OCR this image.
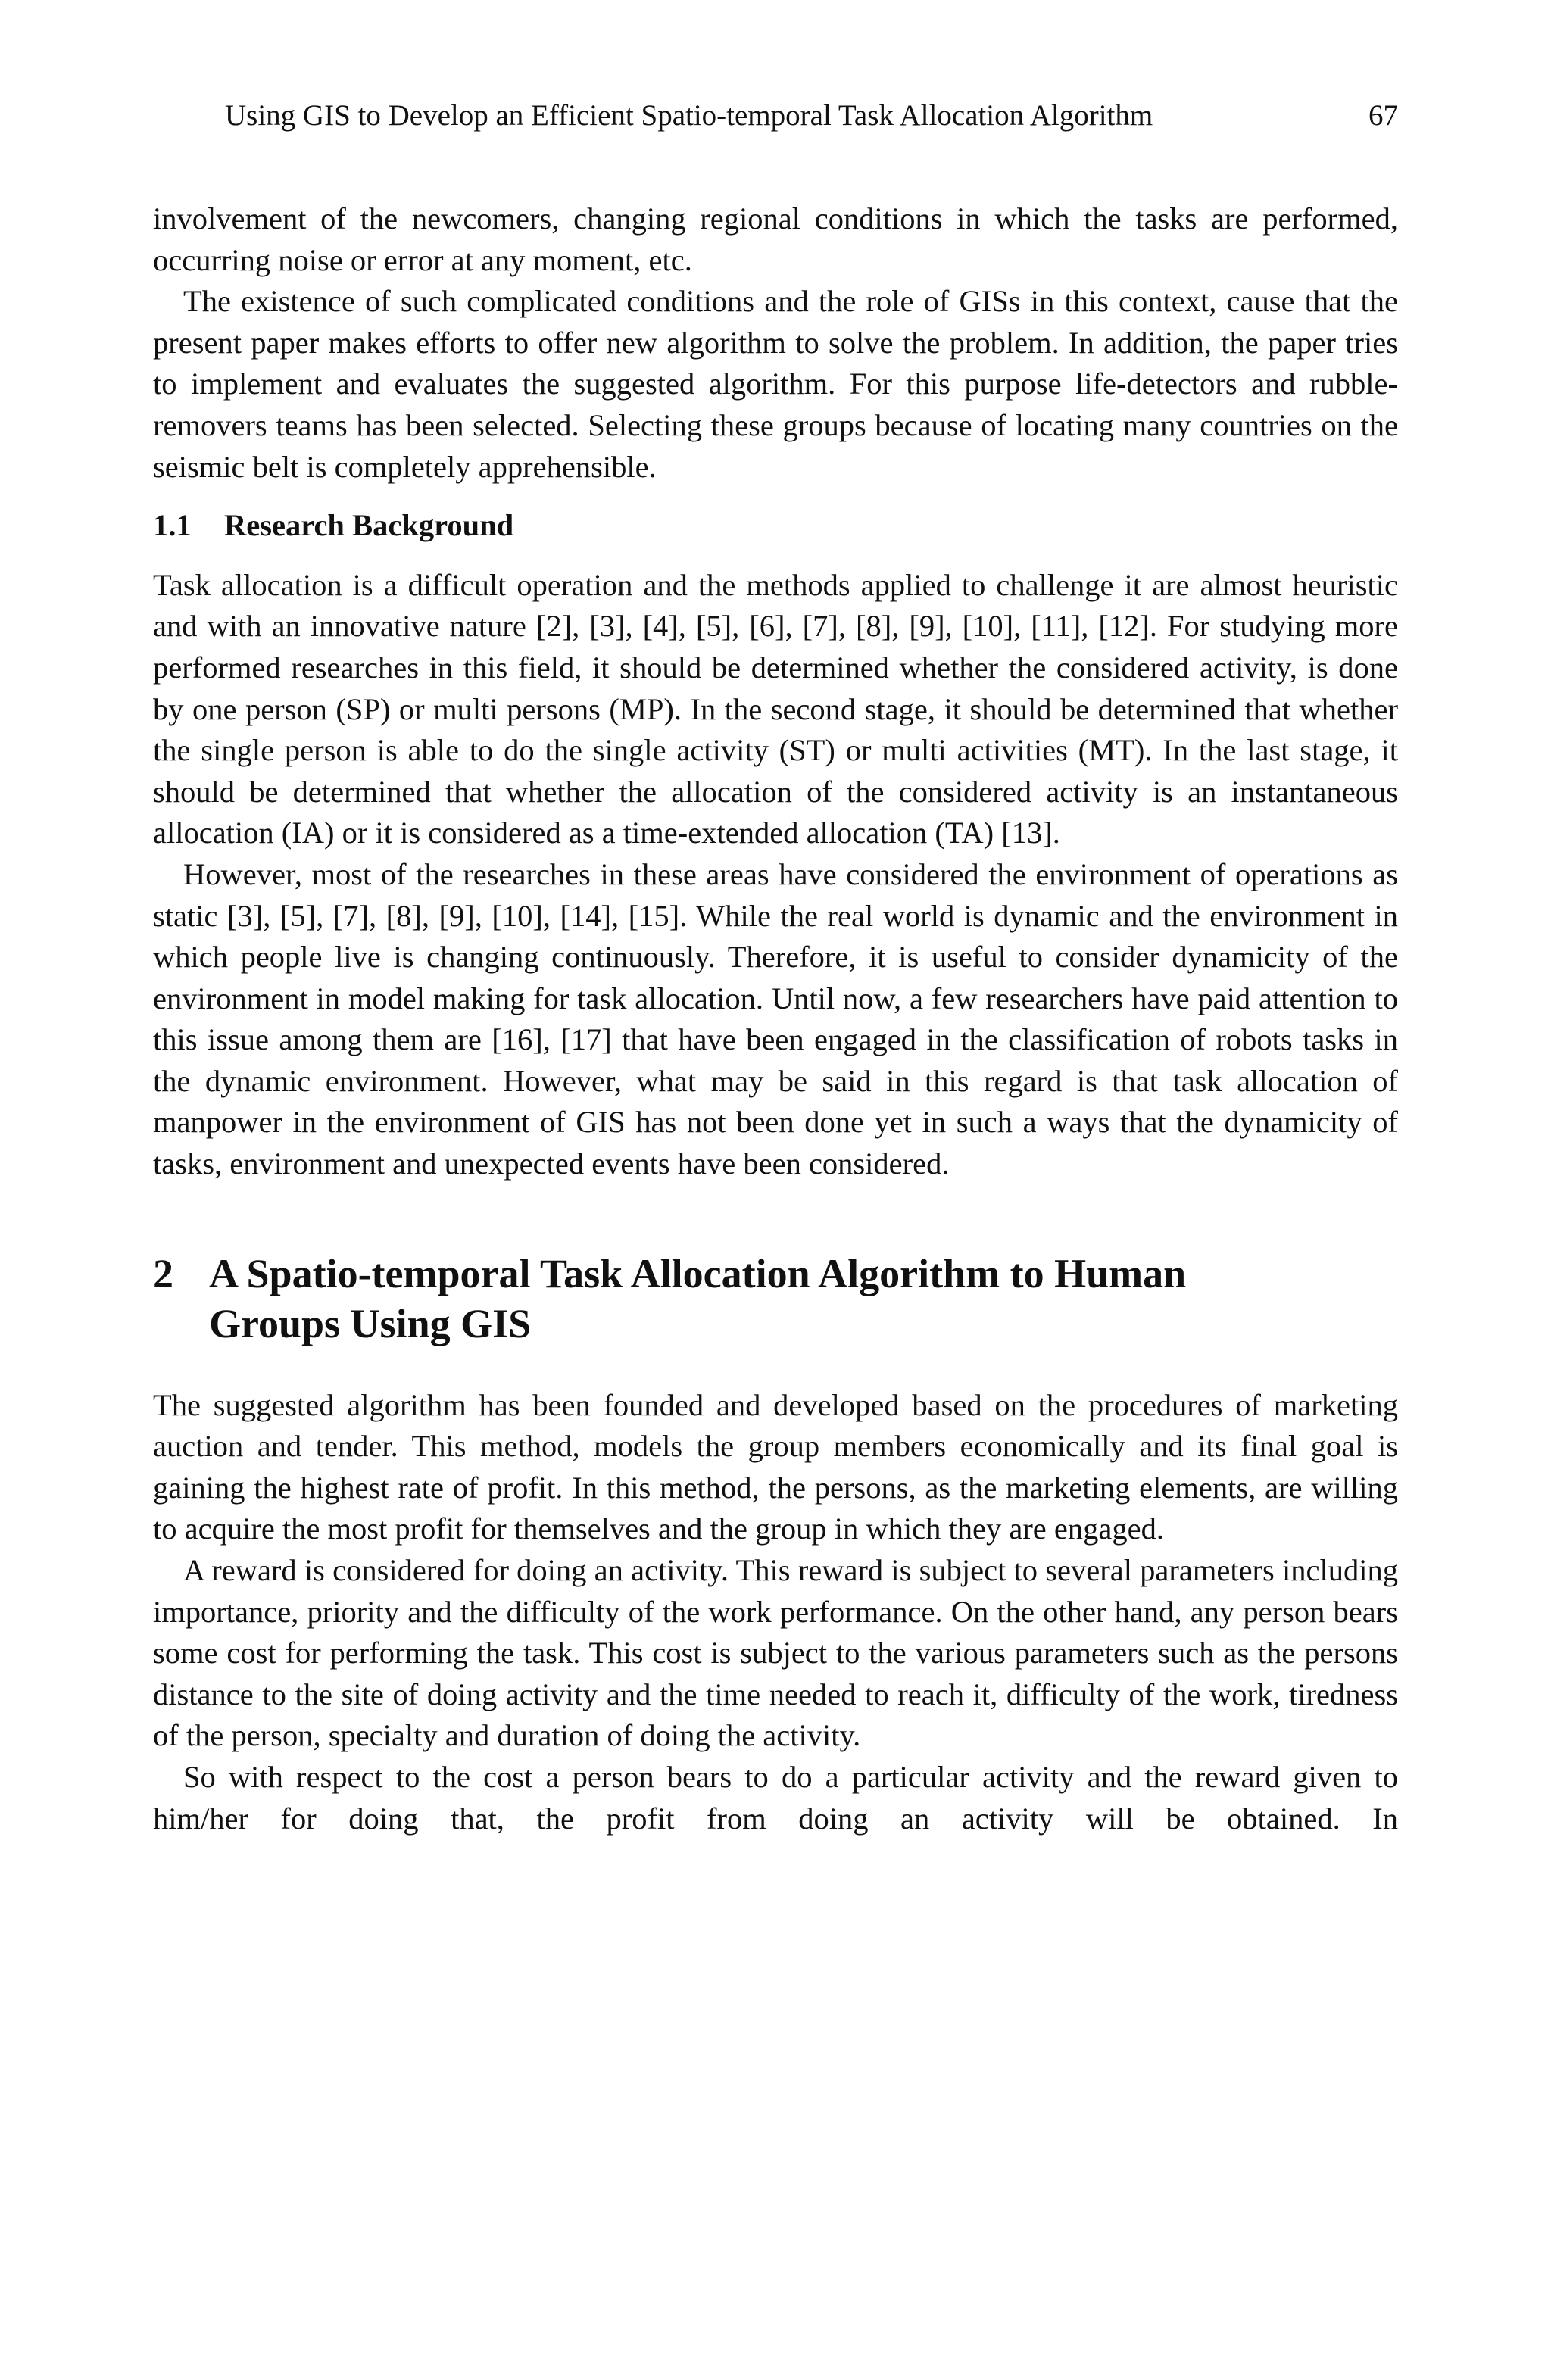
Using GIS to Develop an Efficient Spatio-temporal Task Allocation Algorithm	67

involvement of the newcomers, changing regional conditions in which the tasks are performed, occurring noise or error at any moment, etc.

The existence of such complicated conditions and the role of GISs in this context, cause that the present paper makes efforts to offer new algorithm to solve the problem. In addition, the paper tries to implement and evaluates the suggested algorithm. For this purpose life-detectors and rubble-removers teams has been selected. Selecting these groups because of locating many countries on the seismic belt is completely apprehensible.

1.1 Research Background

Task allocation is a difficult operation and the methods applied to challenge it are almost heuristic and with an innovative nature [2], [3], [4], [5], [6], [7], [8], [9], [10], [11], [12]. For studying more performed researches in this field, it should be determined whether the considered activity, is done by one person (SP) or multi persons (MP). In the second stage, it should be determined that whether the single person is able to do the single activity (ST) or multi activities (MT). In the last stage, it should be determined that whether the allocation of the considered activity is an instantaneous allocation (IA) or it is considered as a time-extended allocation (TA) [13].

However, most of the researches in these areas have considered the environment of operations as static [3], [5], [7], [8], [9], [10], [14], [15]. While the real world is dynamic and the environment in which people live is changing continuously. Therefore, it is useful to consider dynamicity of the environment in model making for task allocation. Until now, a few researchers have paid attention to this issue among them are [16], [17] that have been engaged in the classification of robots tasks in the dynamic environment. However, what may be said in this regard is that task allocation of manpower in the environment of GIS has not been done yet in such a ways that the dynamicity of tasks, environment and unexpected events have been considered.

2 A Spatio-temporal Task Allocation Algorithm to Human Groups Using GIS

The suggested algorithm has been founded and developed based on the procedures of marketing auction and tender. This method, models the group members economically and its final goal is gaining the highest rate of profit. In this method, the persons, as the marketing elements, are willing to acquire the most profit for themselves and the group in which they are engaged.

A reward is considered for doing an activity. This reward is subject to several parameters including importance, priority and the difficulty of the work performance. On the other hand, any person bears some cost for performing the task. This cost is subject to the various parameters such as the persons distance to the site of doing activity and the time needed to reach it, difficulty of the work, tiredness of the person, specialty and duration of doing the activity.

So with respect to the cost a person bears to do a particular activity and the reward given to him/her for doing that, the profit from doing an activity will be obtained. In
